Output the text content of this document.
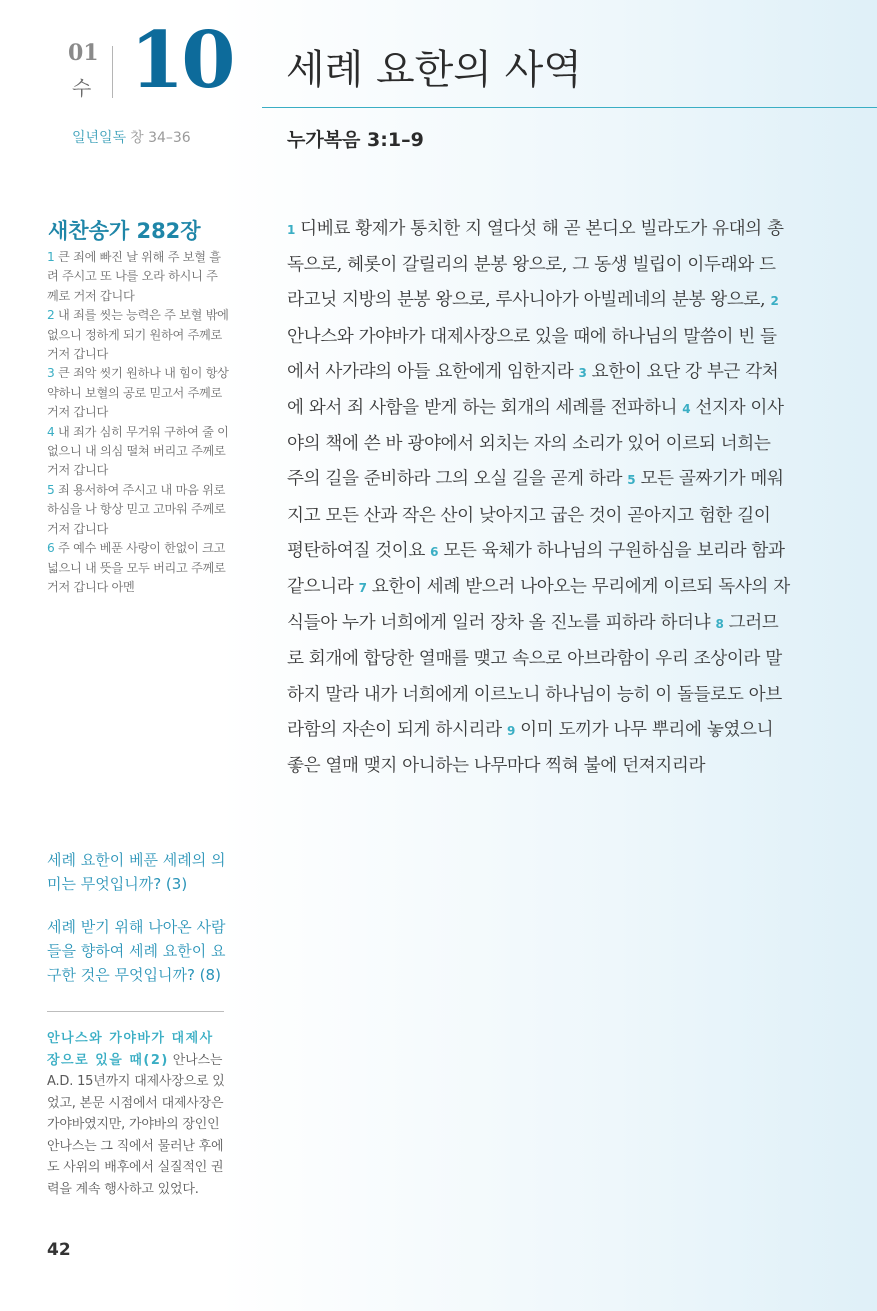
01
수 10 세례 요한의 사역
일년일독 창 34–36	누가복음 3:1–9
새찬송가 282장
1 큰 죄에 빠진 날 위해 주 보혈 흘려 주시고 또 나를 오라 하시니 주께로 거저 갑니다
2 내 죄를 씻는 능력은 주 보혈 밖에 없으니 정하게 되기 원하여 주께로 거저 갑니다
3 큰 죄악 씻기 원하나 내 힘이 항상 약하니 보혈의 공로 믿고서 주께로 거저 갑니다
4 내 죄가 심히 무거워 구하여 줄 이 없으니 내 의심 떨쳐 버리고 주께로 거저 갑니다
5 죄 용서하여 주시고 내 마음 위로하심을 나 항상 믿고 고마워 주께로 거저 갑니다
6 주 예수 베푼 사랑이 한없이 크고 넓으니 내 뜻을 모두 버리고 주께로 거저 갑니다 아멘
1 디베료 황제가 통치한 지 열다섯 해 곧 본디오 빌라도가 유대의 총독으로, 헤롯이 갈릴리의 분봉 왕으로, 그 동생 빌립이 이두래와 드라고닛 지방의 분봉 왕으로, 루사니아가 아빌레네의 분봉 왕으로, 2 안나스와 가야바가 대제사장으로 있을 때에 하나님의 말씀이 빈 들에서 사가랴의 아들 요한에게 임한지라 3 요한이 요단 강 부근 각처에 와서 죄 사함을 받게 하는 회개의 세례를 전파하니 4 선지자 이사야의 책에 쓴 바 광야에서 외치는 자의 소리가 있어 이르되 너희는 주의 길을 준비하라 그의 오실 길을 곧게 하라 5 모든 골짜기가 메워지고 모든 산과 작은 산이 낮아지고 굽은 것이 곧아지고 험한 길이 평탄하여질 것이요 6 모든 육체가 하나님의 구원하심을 보리라 함과 같으니라 7 요한이 세례 받으러 나아오는 무리에게 이르되 독사의 자식들아 누가 너희에게 일러 장차 올 진노를 피하라 하더냐 8 그러므로 회개에 합당한 열매를 맺고 속으로 아브라함이 우리 조상이라 말하지 말라 내가 너희에게 이르노니 하나님이 능히 이 돌들로도 아브라함의 자손이 되게 하시리라 9 이미 도끼가 나무 뿌리에 놓였으니 좋은 열매 맺지 아니하는 나무마다 찍혀 불에 던져지리라
세례 요한이 베푼 세례의 의미는 무엇입니까? (3)
세례 받기 위해 나아온 사람들을 향하여 세례 요한이 요구한 것은 무엇입니까? (8)
안나스와 가야바가 대제사장으로 있을 때(2) 안나스는 A.D. 15년까지 대제사장으로 있었고, 본문 시점에서 대제사장은 가야바였지만, 가야바의 장인인 안나스는 그 직에서 물러난 후에도 사위의 배후에서 실질적인 권력을 계속 행사하고 있었다.
42
